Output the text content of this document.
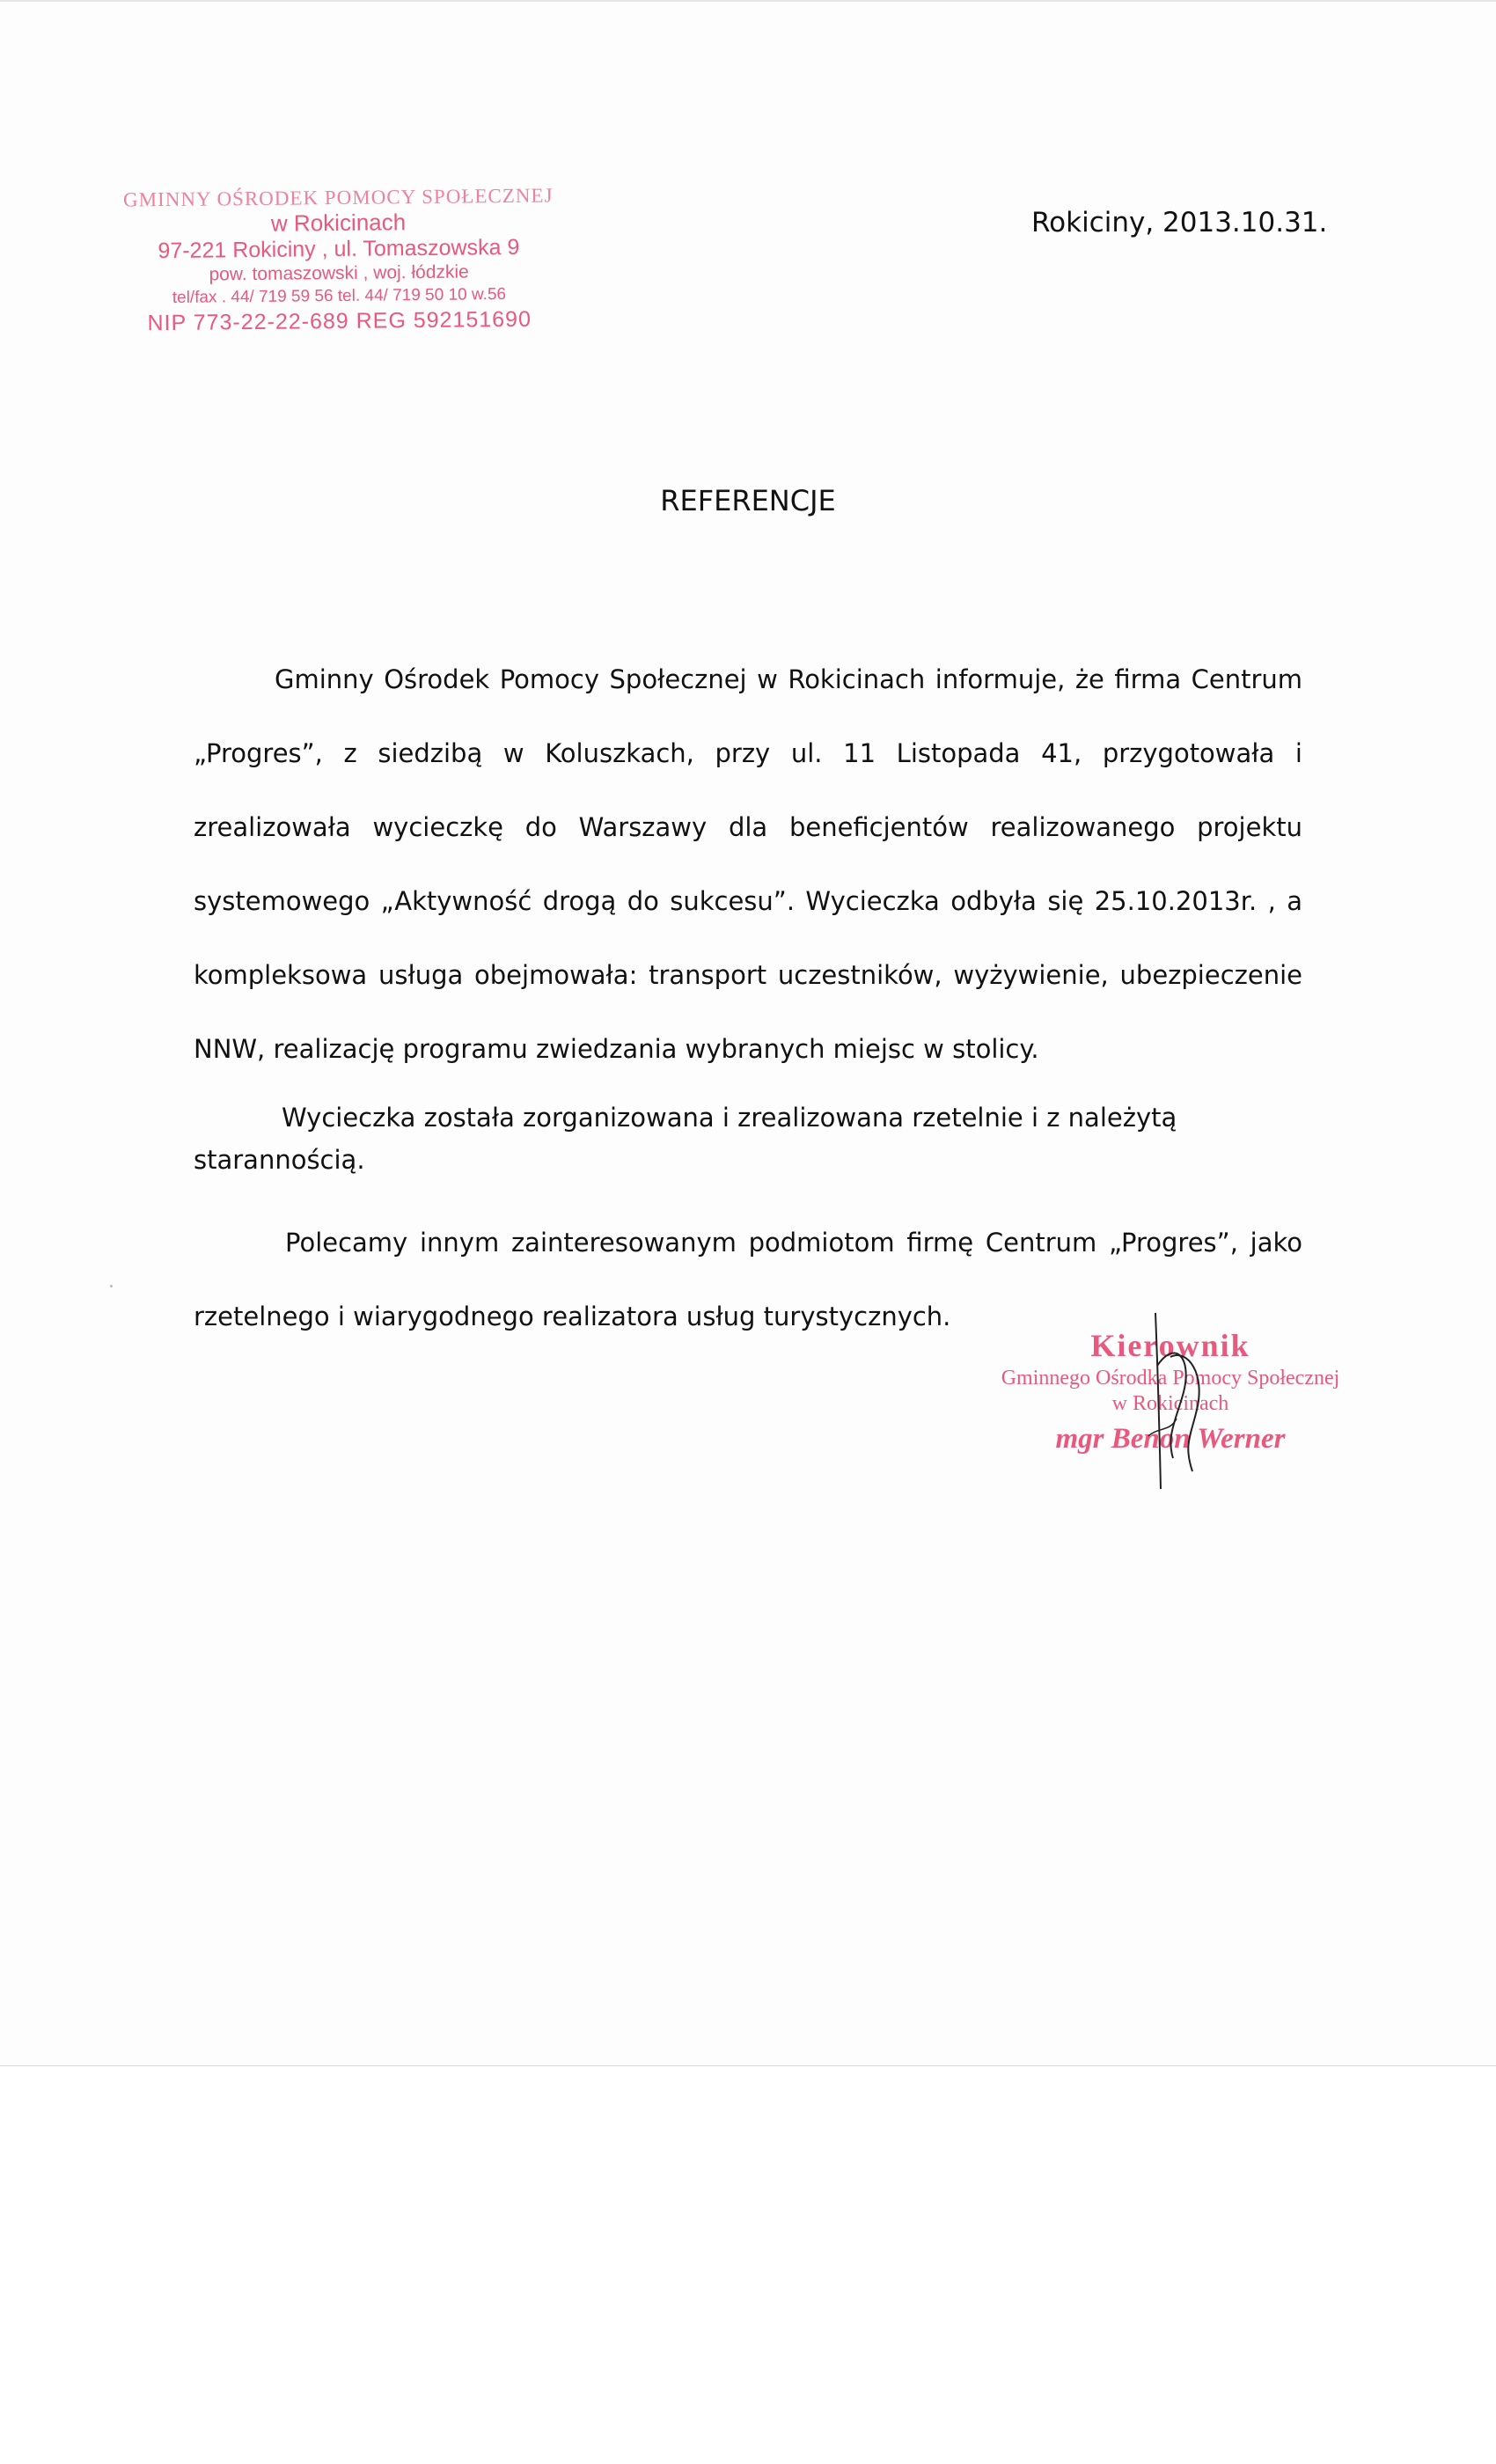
GMINNY OŚRODEK POMOCY SPOŁECZNEJ
w Rokicinach
97-221 Rokiciny , ul. Tomaszowska 9
pow. tomaszowski , woj. łódzkie
tel/fax . 44/ 719 59 56 tel. 44/ 719 50 10 w.56
NIP 773-22-22-689 REG 592151690
Rokiciny, 2013.10.31.
REFERENCJE

Gminny Ośrodek Pomocy Społecznej w Rokicinach informuje, że firma Centrum „Progres”, z siedzibą w Koluszkach, przy ul. 11 Listopada 41, przygotowała i zrealizowała wycieczkę do Warszawy dla beneficjentów realizowanego projektu systemowego „Aktywność drogą do sukcesu”. Wycieczka odbyła się 25.10.2013r. , a kompleksowa usługa obejmowała: transport uczestników, wyżywienie, ubezpieczenie NNW, realizację programu zwiedzania wybranych miejsc w stolicy.

Wycieczka została zorganizowana i zrealizowana rzetelnie i z należytą starannością.

Polecamy innym zainteresowanym podmiotom firmę Centrum „Progres”, jako rzetelnego i wiarygodnego realizatora usług turystycznych.

Kierownik
Gminnego Ośrodka Pomocy Społecznej
w Rokicinach
mgr Benon Werner
